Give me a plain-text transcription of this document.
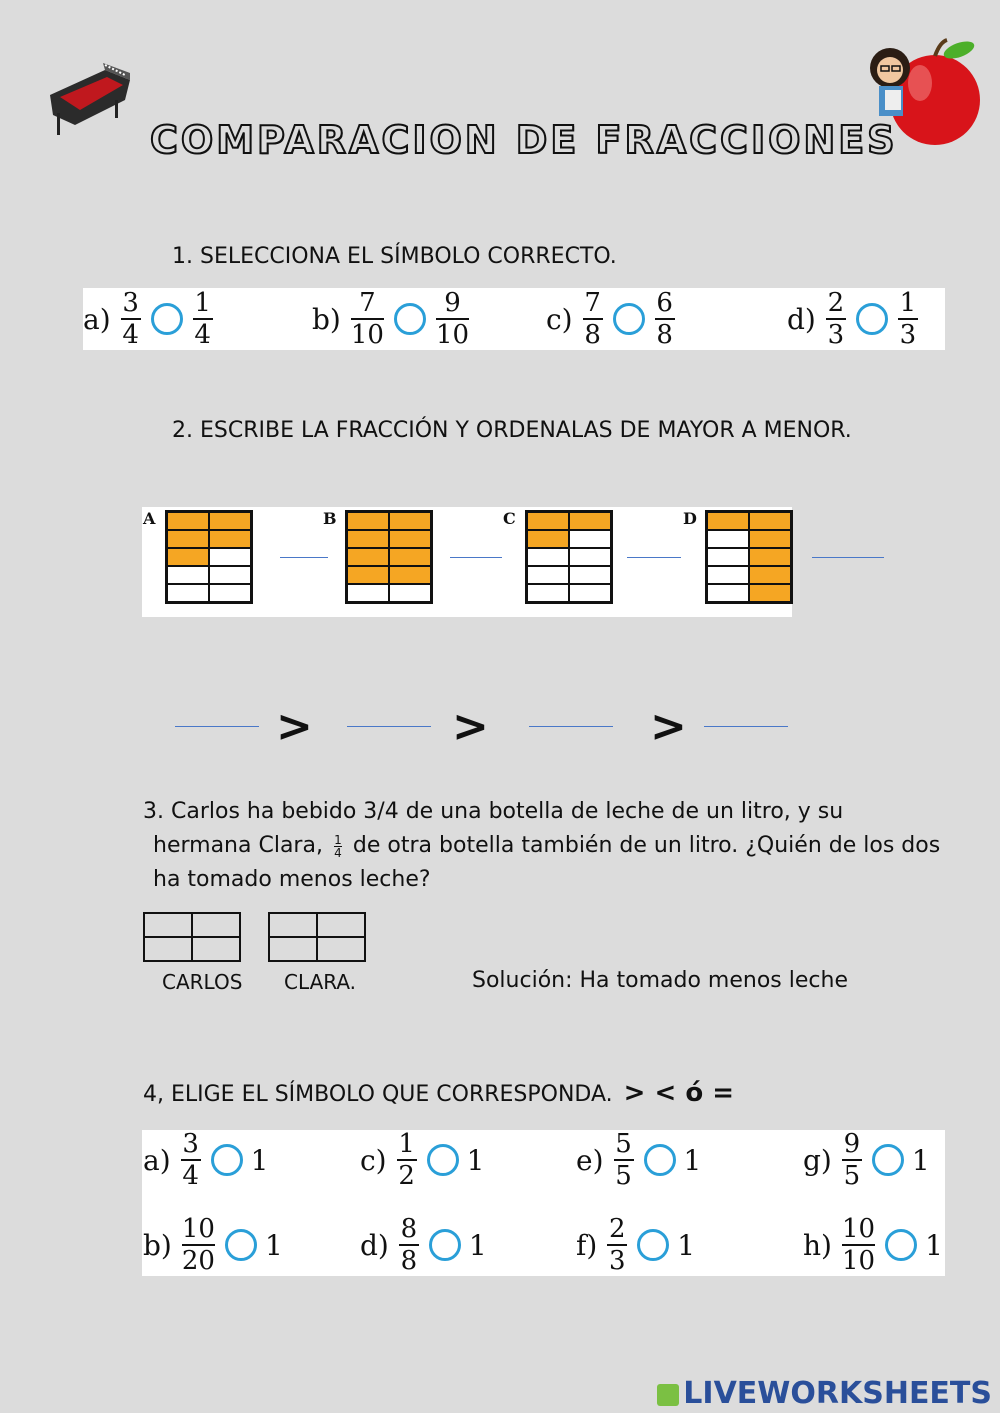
COMPARACION DE FRACCIONES
1. SELECCIONA EL SÍMBOLO CORRECTO.
$a) \frac{3}{4} \frac{1}{4}$	$b) \frac{7}{10} \frac{9}{10}$	$c) \frac{7}{8} \frac{6}{8}$	$d) \frac{2}{3} \frac{1}{3}$
2. ESCRIBE LA FRACCIÓN Y ORDENALAS DE MAYOR A MENOR.
A	B	C	D
>	>	>
3. Carlos ha bebido 3/4 de una botella de leche de un litro, y su

hermana Clara, $\frac{1}{4}$ de otra botella también de un litro. ¿Quién de los dos
ha tomado menos leche?
CARLOS CLARA.	Solución: Ha tomado menos leche
4, ELIGE EL SÍMBOLO QUE CORRESPONDA. > < ó =
$a) \frac{3}{4} 1$	$c) \frac{1}{2} 1$	$e) \frac{5}{5} 1$	$g) \frac{9}{5} 1$
$b) \frac{10}{20} 1$	$d) \frac{8}{8} 1$	$f) \frac{2}{3} 1$	$h) \frac{10}{10} 1$
LIVEWORKSHEETS
